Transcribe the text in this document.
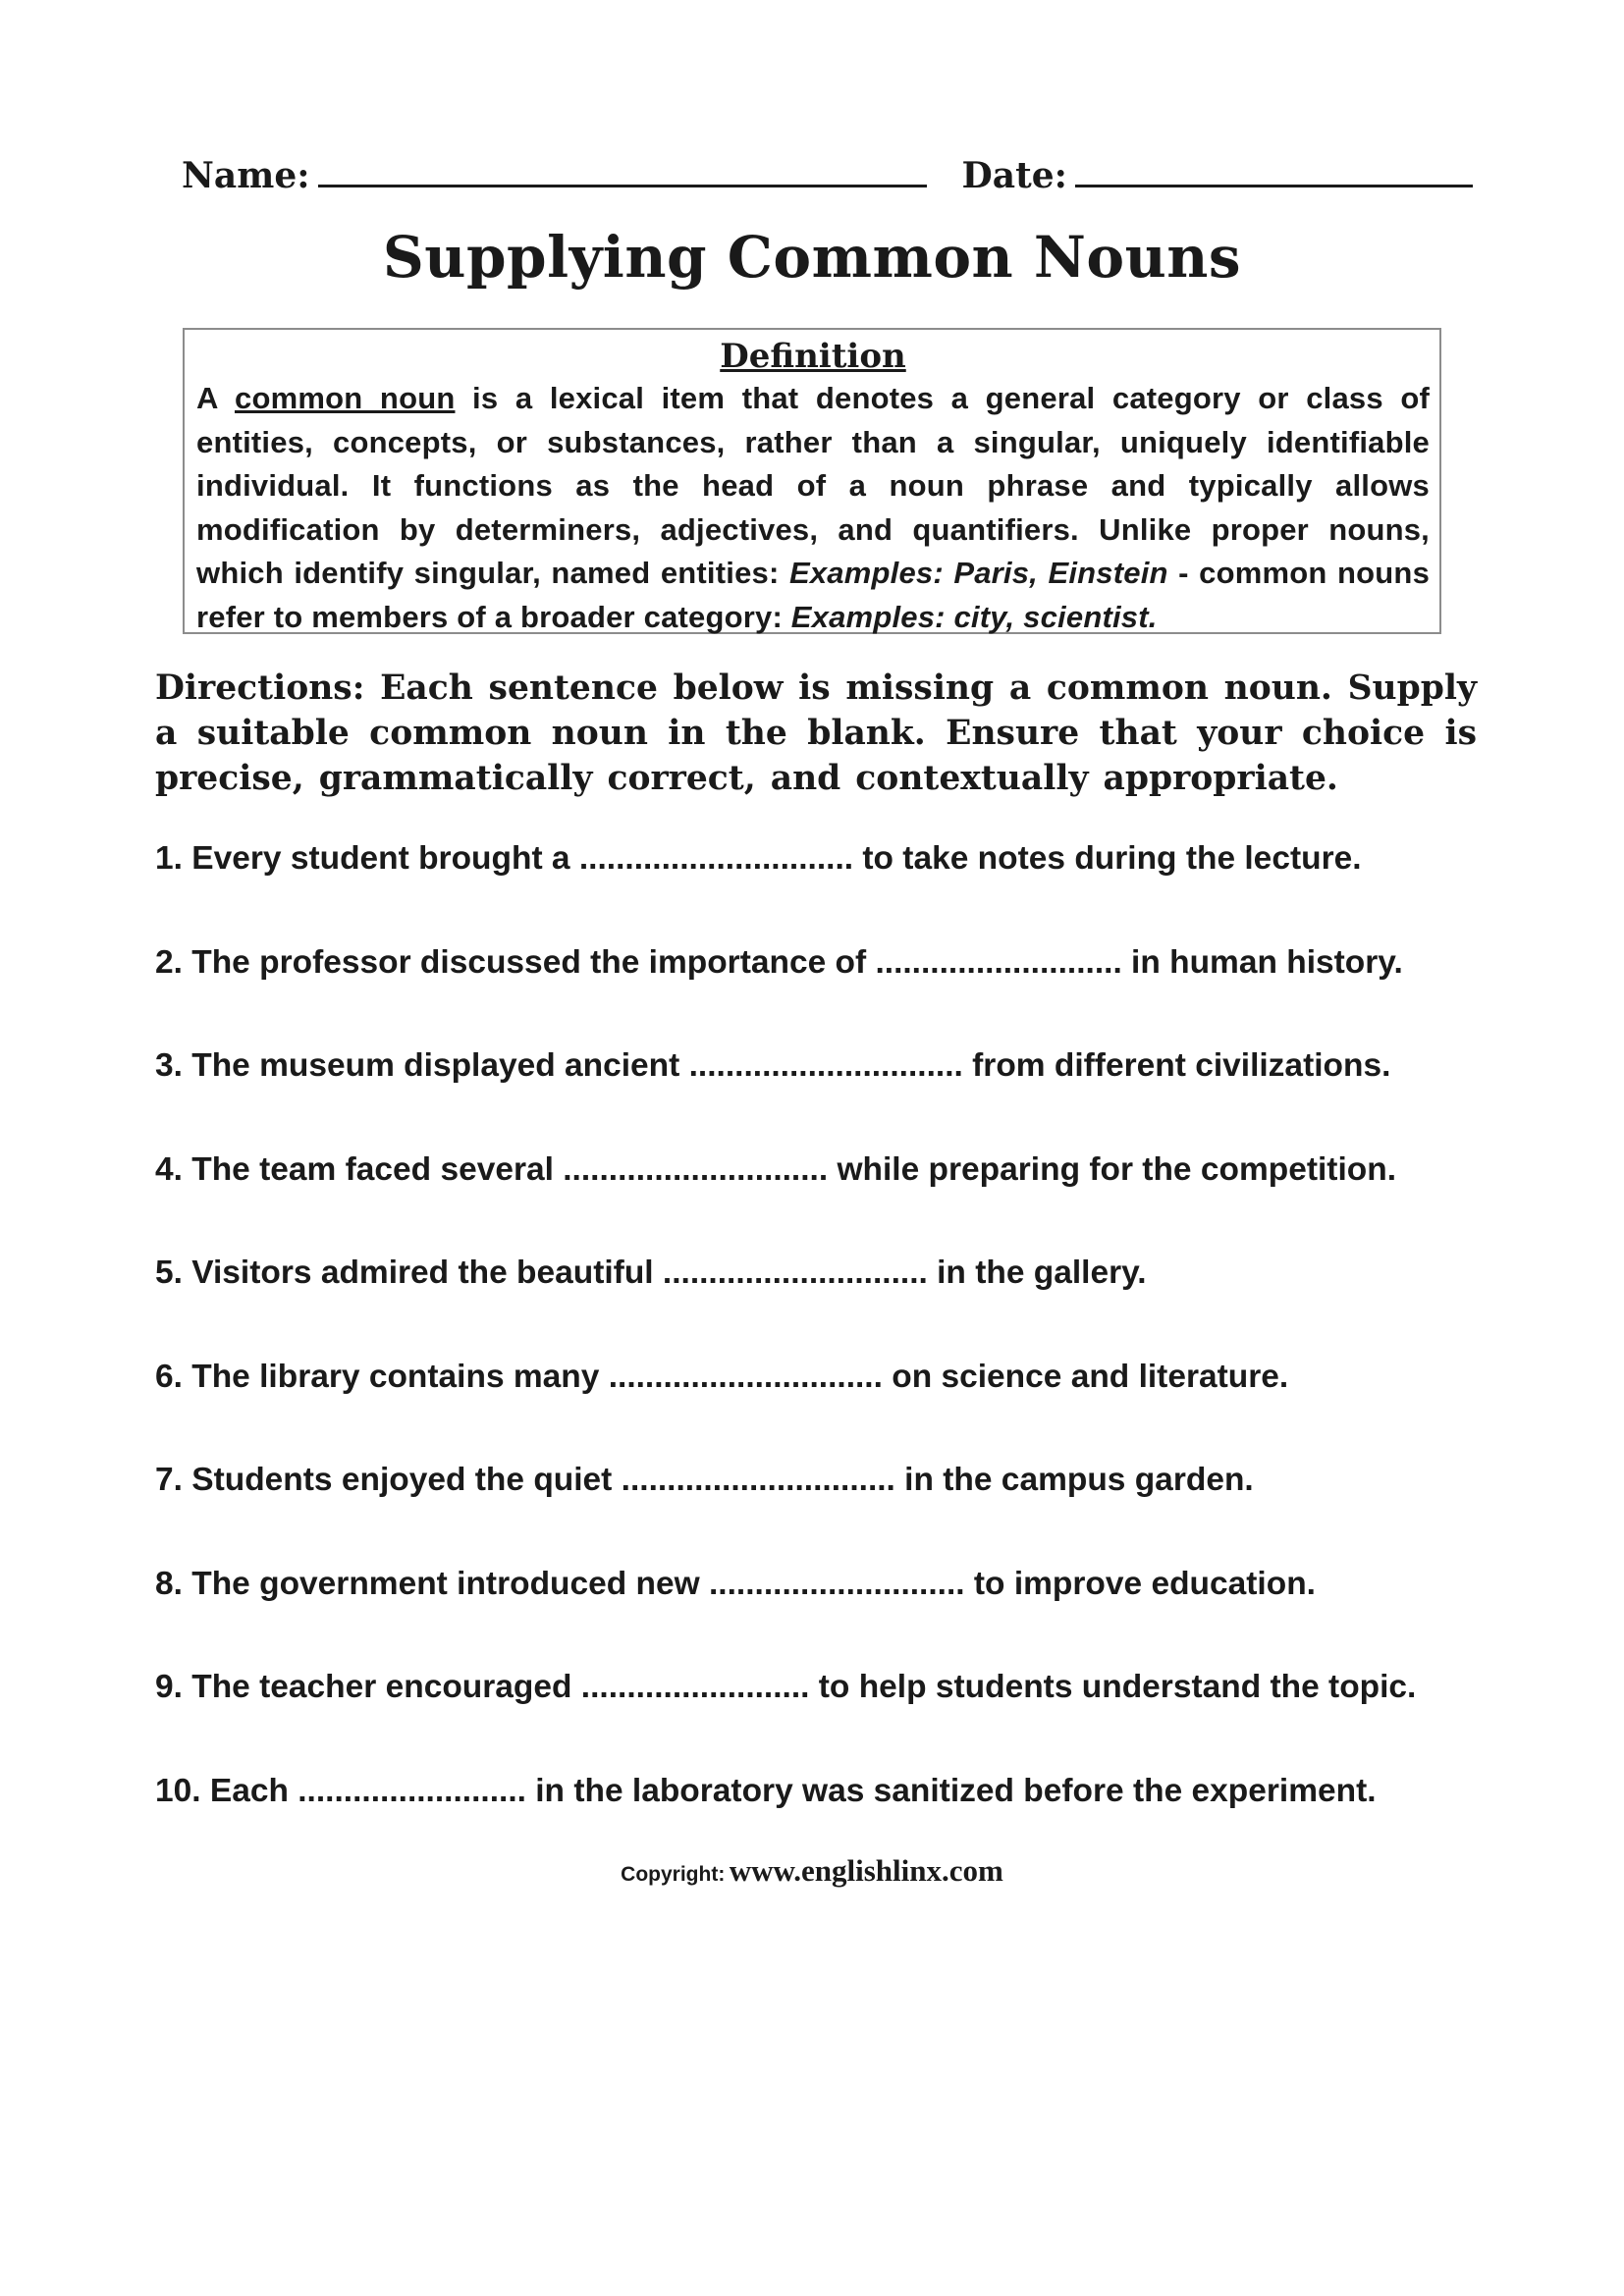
Name:	Date:
Supplying Common Nouns
Definition
A common noun is a lexical item that denotes a general category or class of entities, concepts, or substances, rather than a singular, uniquely identifiable individual. It functions as the head of a noun phrase and typically allows modification by determiners, adjectives, and quantifiers. Unlike proper nouns, which identify singular, named entities: Examples: Paris, Einstein - common nouns refer to members of a broader category: Examples: city, scientist.
Directions: Each sentence below is missing a common noun. Supply a suitable common noun in the blank. Ensure that your choice is precise, grammatically correct, and contextually appropriate.
1. Every student brought a .............................. to take notes during the lecture.
2. The professor discussed the importance of ........................... in human history.
3. The museum displayed ancient .............................. from different civilizations.
4. The team faced several ............................. while preparing for the competition.
5. Visitors admired the beautiful ............................. in the gallery.
6. The library contains many .............................. on science and literature.
7. Students enjoyed the quiet .............................. in the campus garden.
8. The government introduced new ............................ to improve education.
9. The teacher encouraged ......................... to help students understand the topic.
10. Each ......................... in the laboratory was sanitized before the experiment.
Copyright: www.englishlinx.com
